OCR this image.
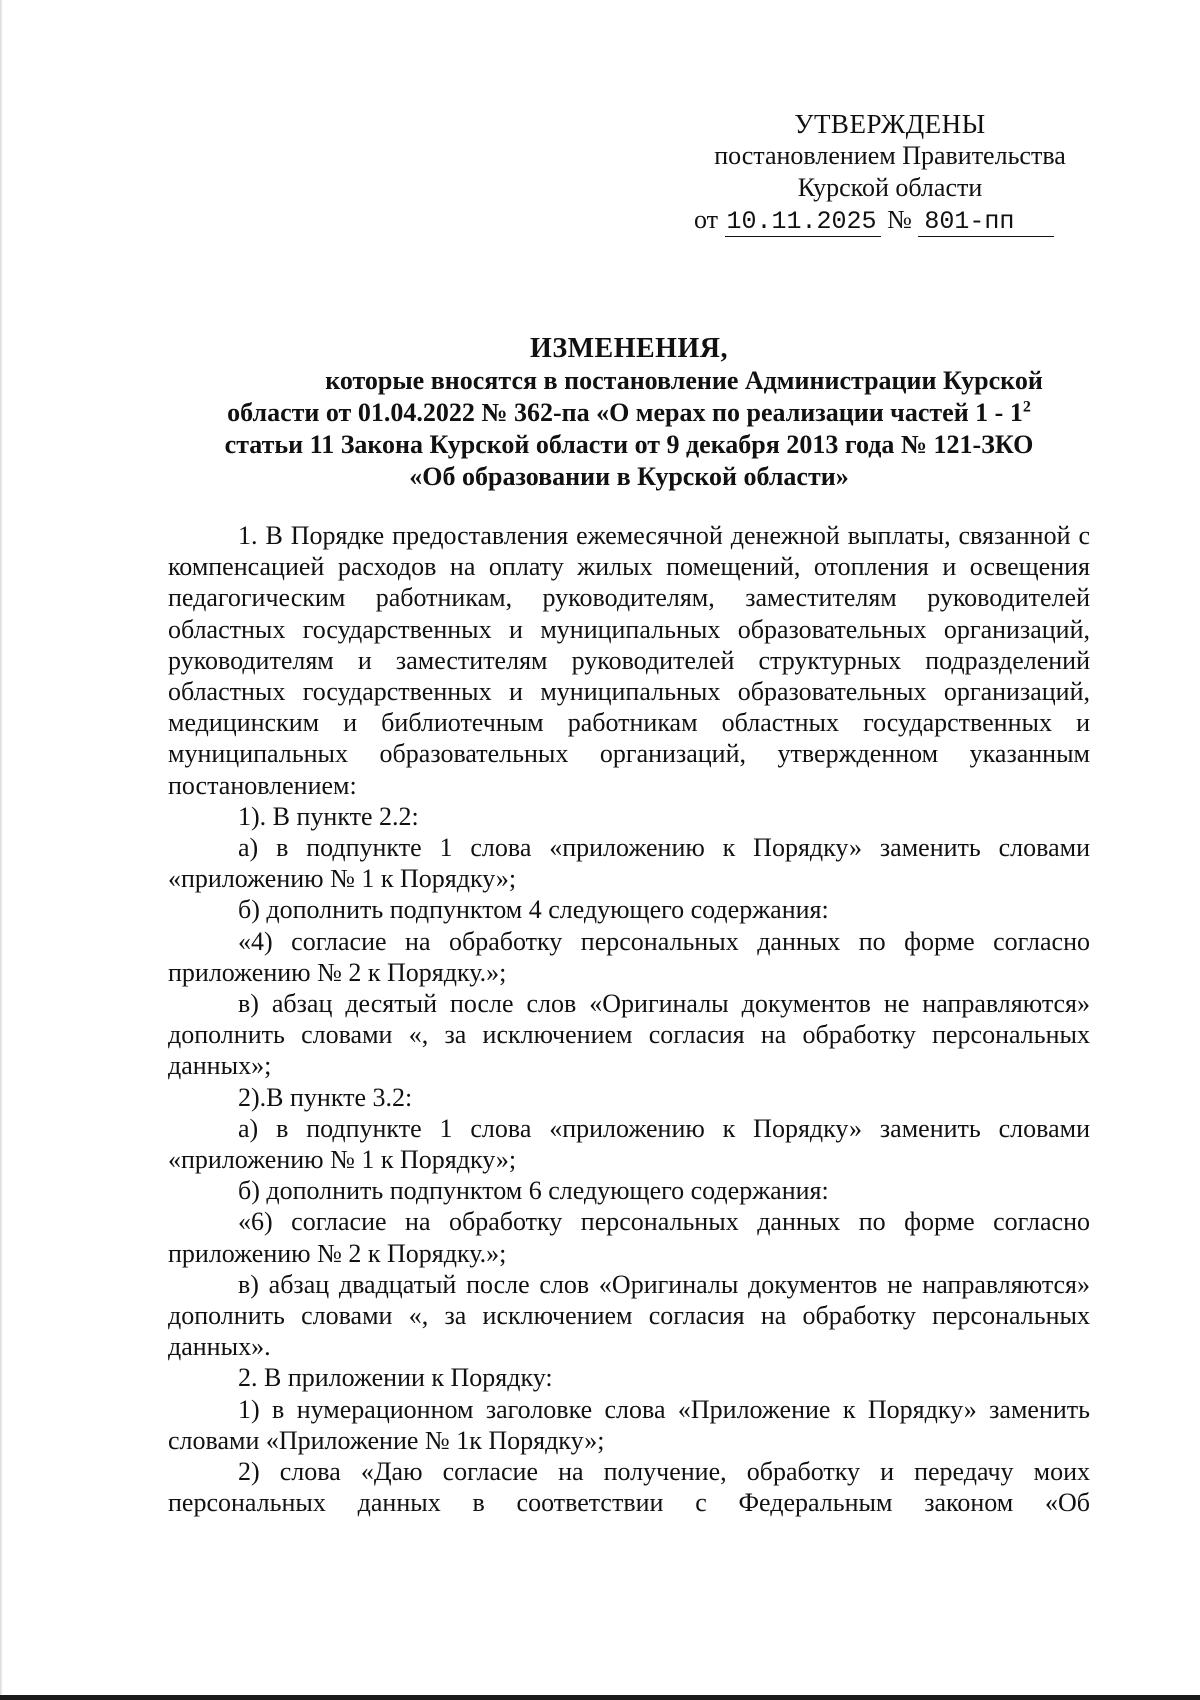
УТВЕРЖДЕНЫ
постановлением Правительства
Курской области
от 10.11.2025 № 801-пп
ИЗМЕНЕНИЯ,
которые вносятся в постановление Администрации Курской
области от 01.04.2022 № 362-па «О мерах по реализации частей $1 - 1^2$
статьи 11 Закона Курской области от 9 декабря 2013 года № 121-ЗКО
«Об образовании в Курской области»

1. В Порядке предоставления ежемесячной денежной выплаты, связанной с компенсацией расходов на оплату жилых помещений, отопления и освещения педагогическим работникам, руководителям, заместителям руководителей областных государственных и муниципальных образовательных организаций, руководителям и заместителям руководителей структурных подразделений областных государственных и муниципальных образовательных организаций, медицинским и библиотечным работникам областных государственных и муниципальных образовательных организаций, утвержденном указанным постановлением:

1). В пункте 2.2:

а) в подпункте 1 слова «приложению к Порядку» заменить словами «приложению № 1 к Порядку»;

б) дополнить подпунктом 4 следующего содержания:

«4) согласие на обработку персональных данных по форме согласно приложению № 2 к Порядку.»;

в) абзац десятый после слов «Оригиналы документов не направляются» дополнить словами «, за исключением согласия на обработку персональных данных»;

2).В пункте 3.2:

а) в подпункте 1 слова «приложению к Порядку» заменить словами «приложению № 1 к Порядку»;

б) дополнить подпунктом 6 следующего содержания:

«6) согласие на обработку персональных данных по форме согласно приложению № 2 к Порядку.»;

в) абзац двадцатый после слов «Оригиналы документов не направляются» дополнить словами «, за исключением согласия на обработку персональных данных».

2. В приложении к Порядку:

1) в нумерационном заголовке слова «Приложение к Порядку» заменить словами «Приложение № 1к Порядку»;

2) слова «Даю согласие на получение, обработку и передачу моих персональных данных в соответствии с Федеральным законом «Об
